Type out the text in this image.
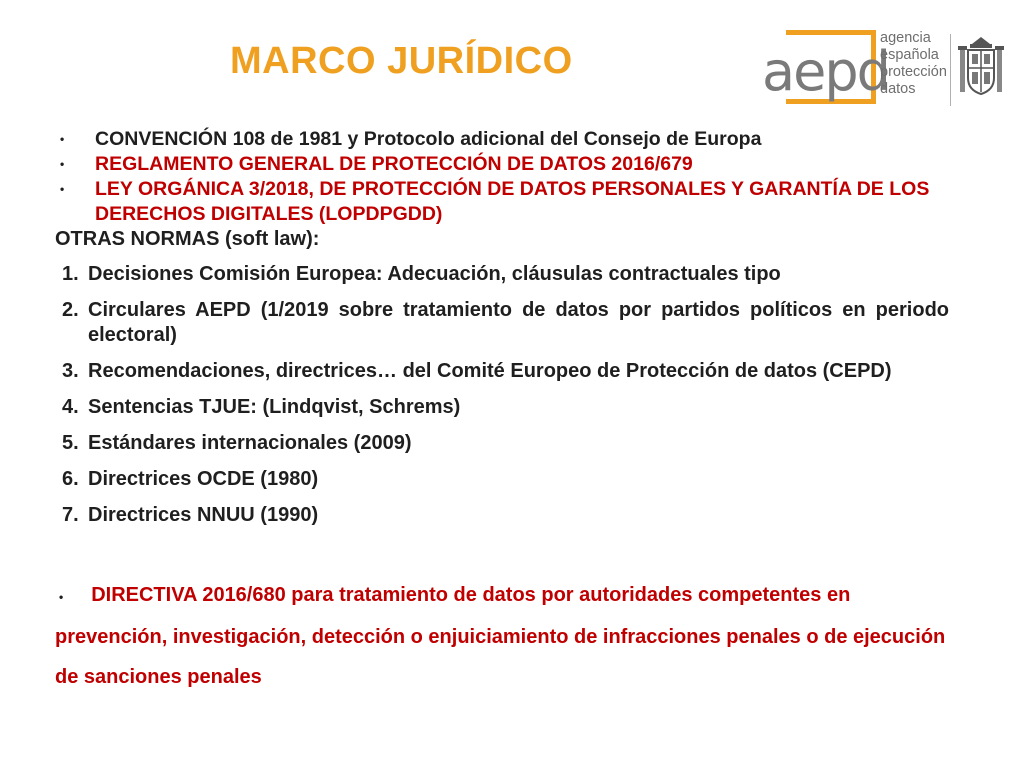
MARCO JURÍDICO	aepd
agencia
española
protección
datos
• CONVENCIÓN 108 de 1981 y Protocolo adicional del Consejo de Europa
• REGLAMENTO GENERAL DE PROTECCIÓN DE DATOS 2016/679
• LEY ORGÁNICA 3/2018, DE PROTECCIÓN DE DATOS PERSONALES Y GARANTÍA DE LOS DERECHOS DIGITALES (LOPDPGDD)
OTRAS NORMAS (soft law):
1. Decisiones Comisión Europea: Adecuación, cláusulas contractuales tipo
2. Circulares AEPD (1/2019 sobre tratamiento de datos por partidos políticos en periodo electoral)
3. Recomendaciones, directrices… del Comité Europeo de Protección de datos (CEPD)
4. Sentencias TJUE: (Lindqvist, Schrems)
5. Estándares internacionales (2009)
6. Directrices OCDE (1980)
7. Directrices NNUU (1990)
• DIRECTIVA 2016/680 para tratamiento de datos por autoridades competentes en prevención, investigación, detección o enjuiciamiento de infracciones penales o de ejecución de sanciones penales
